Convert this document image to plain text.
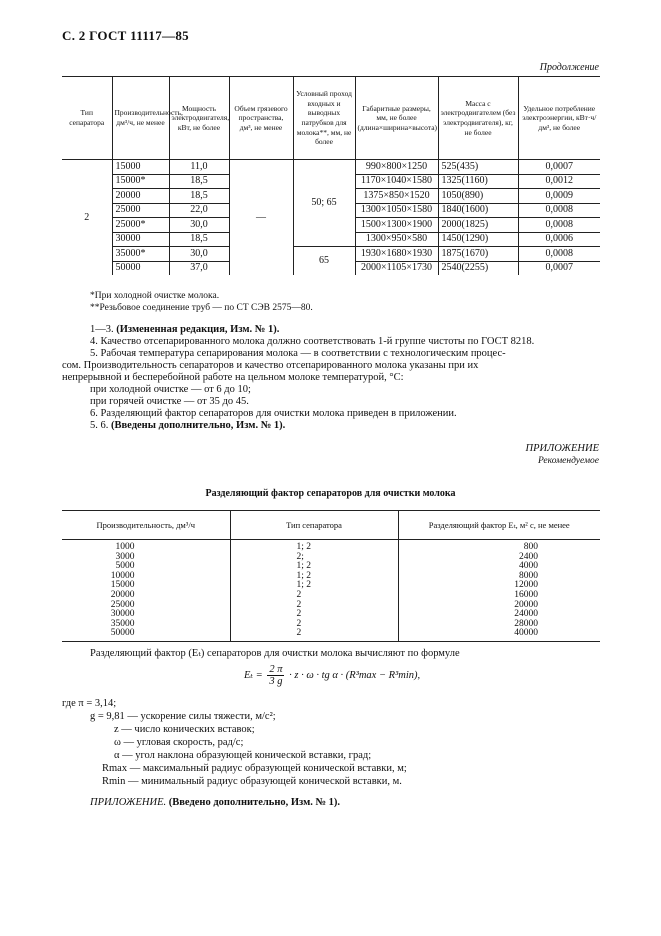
С. 2 ГОСТ 11117—85
Продолжение
Тип сепаратора	Производительность, дм³/ч, не менее	Мощность электродвигателя, кВт, не более	Объем грязевого пространства, дм³, не менее	Условный проход входных и выводных патрубков для молока**, мм, не более	Габаритные размеры, мм, не более (длина×ширина×высота)	Масса с электродвигателем (без электродвигателя), кг, не более	Удельное потребление электроэнергии, кВт·ч/дм³, не более
2	15000	11,0	—	50; 65	990×800×1250	525(435)	0,0007
	15000*	18,5			1170×1040×1580	1325(1160)	0,0012
	20000	18,5			1375×850×1520	1050(890)	0,0009
	25000	22,0			1300×1050×1580	1840(1600)	0,0008
	25000*	30,0			1500×1300×1900	2000(1825)	0,0008
	30000	18,5			1300×950×580	1450(1290)	0,0006
	35000*	30,0		65	1930×1680×1930	1875(1670)	0,0008
	50000	37,0			2000×1105×1730	2540(2255)	0,0007
*При холодной очистке молока.
**Резьбовое соединение труб — по СТ СЭВ 2575—80.
1—3. (Измененная редакция, Изм. № 1).
4. Качество отсепарированного молока должно соответствовать 1-й группе чистоты по ГОСТ 8218.
5. Рабочая температура сепарирования молока — в соответствии с технологическим процес-
сом. Производительность сепараторов и качество отсепарированного молока указаны при их
непрерывной и бесперебойной работе на цельном молоке температурой, °С:
при холодной очистке — от 6 до 10;
при горячей очистке — от 35 до 45.
6. Разделяющий фактор сепараторов для очистки молока приведен в приложении.
5. 6. (Введены дополнительно, Изм. № 1).
ПРИЛОЖЕНИЕ
Рекомендуемое
Разделяющий фактор сепараторов для очистки молока
Производительность, дм³/ч	Тип сепаратора	Разделяющий фактор Eₜ, м² с, не менее
1000	1; 2	800
3000	2;	2400
5000	1; 2	4000
10000	1; 2	8000
15000	1; 2	12000
20000	2	16000
25000	2	20000
30000	2	24000
35000	2	28000
50000	2	40000
Разделяющий фактор (Eₜ) сепараторов для очистки молока вычисляют по формуле
$E_t = \frac{2 \pi}{3 g} \cdot z \cdot \omega$ · tg α · (R³max − R³min),
где π = 3,14;
g = 9,81 — ускорение силы тяжести, м/с²;
z — число конических вставок;
ω — угловая скорость, рад/с;
α — угол наклона образующей конической вставки, град;
Rmax — максимальный радиус образующей конической вставки, м;
Rmin — минимальный радиус образующей конической вставки, м.
ПРИЛОЖЕНИЕ. (Введено дополнительно, Изм. № 1).
